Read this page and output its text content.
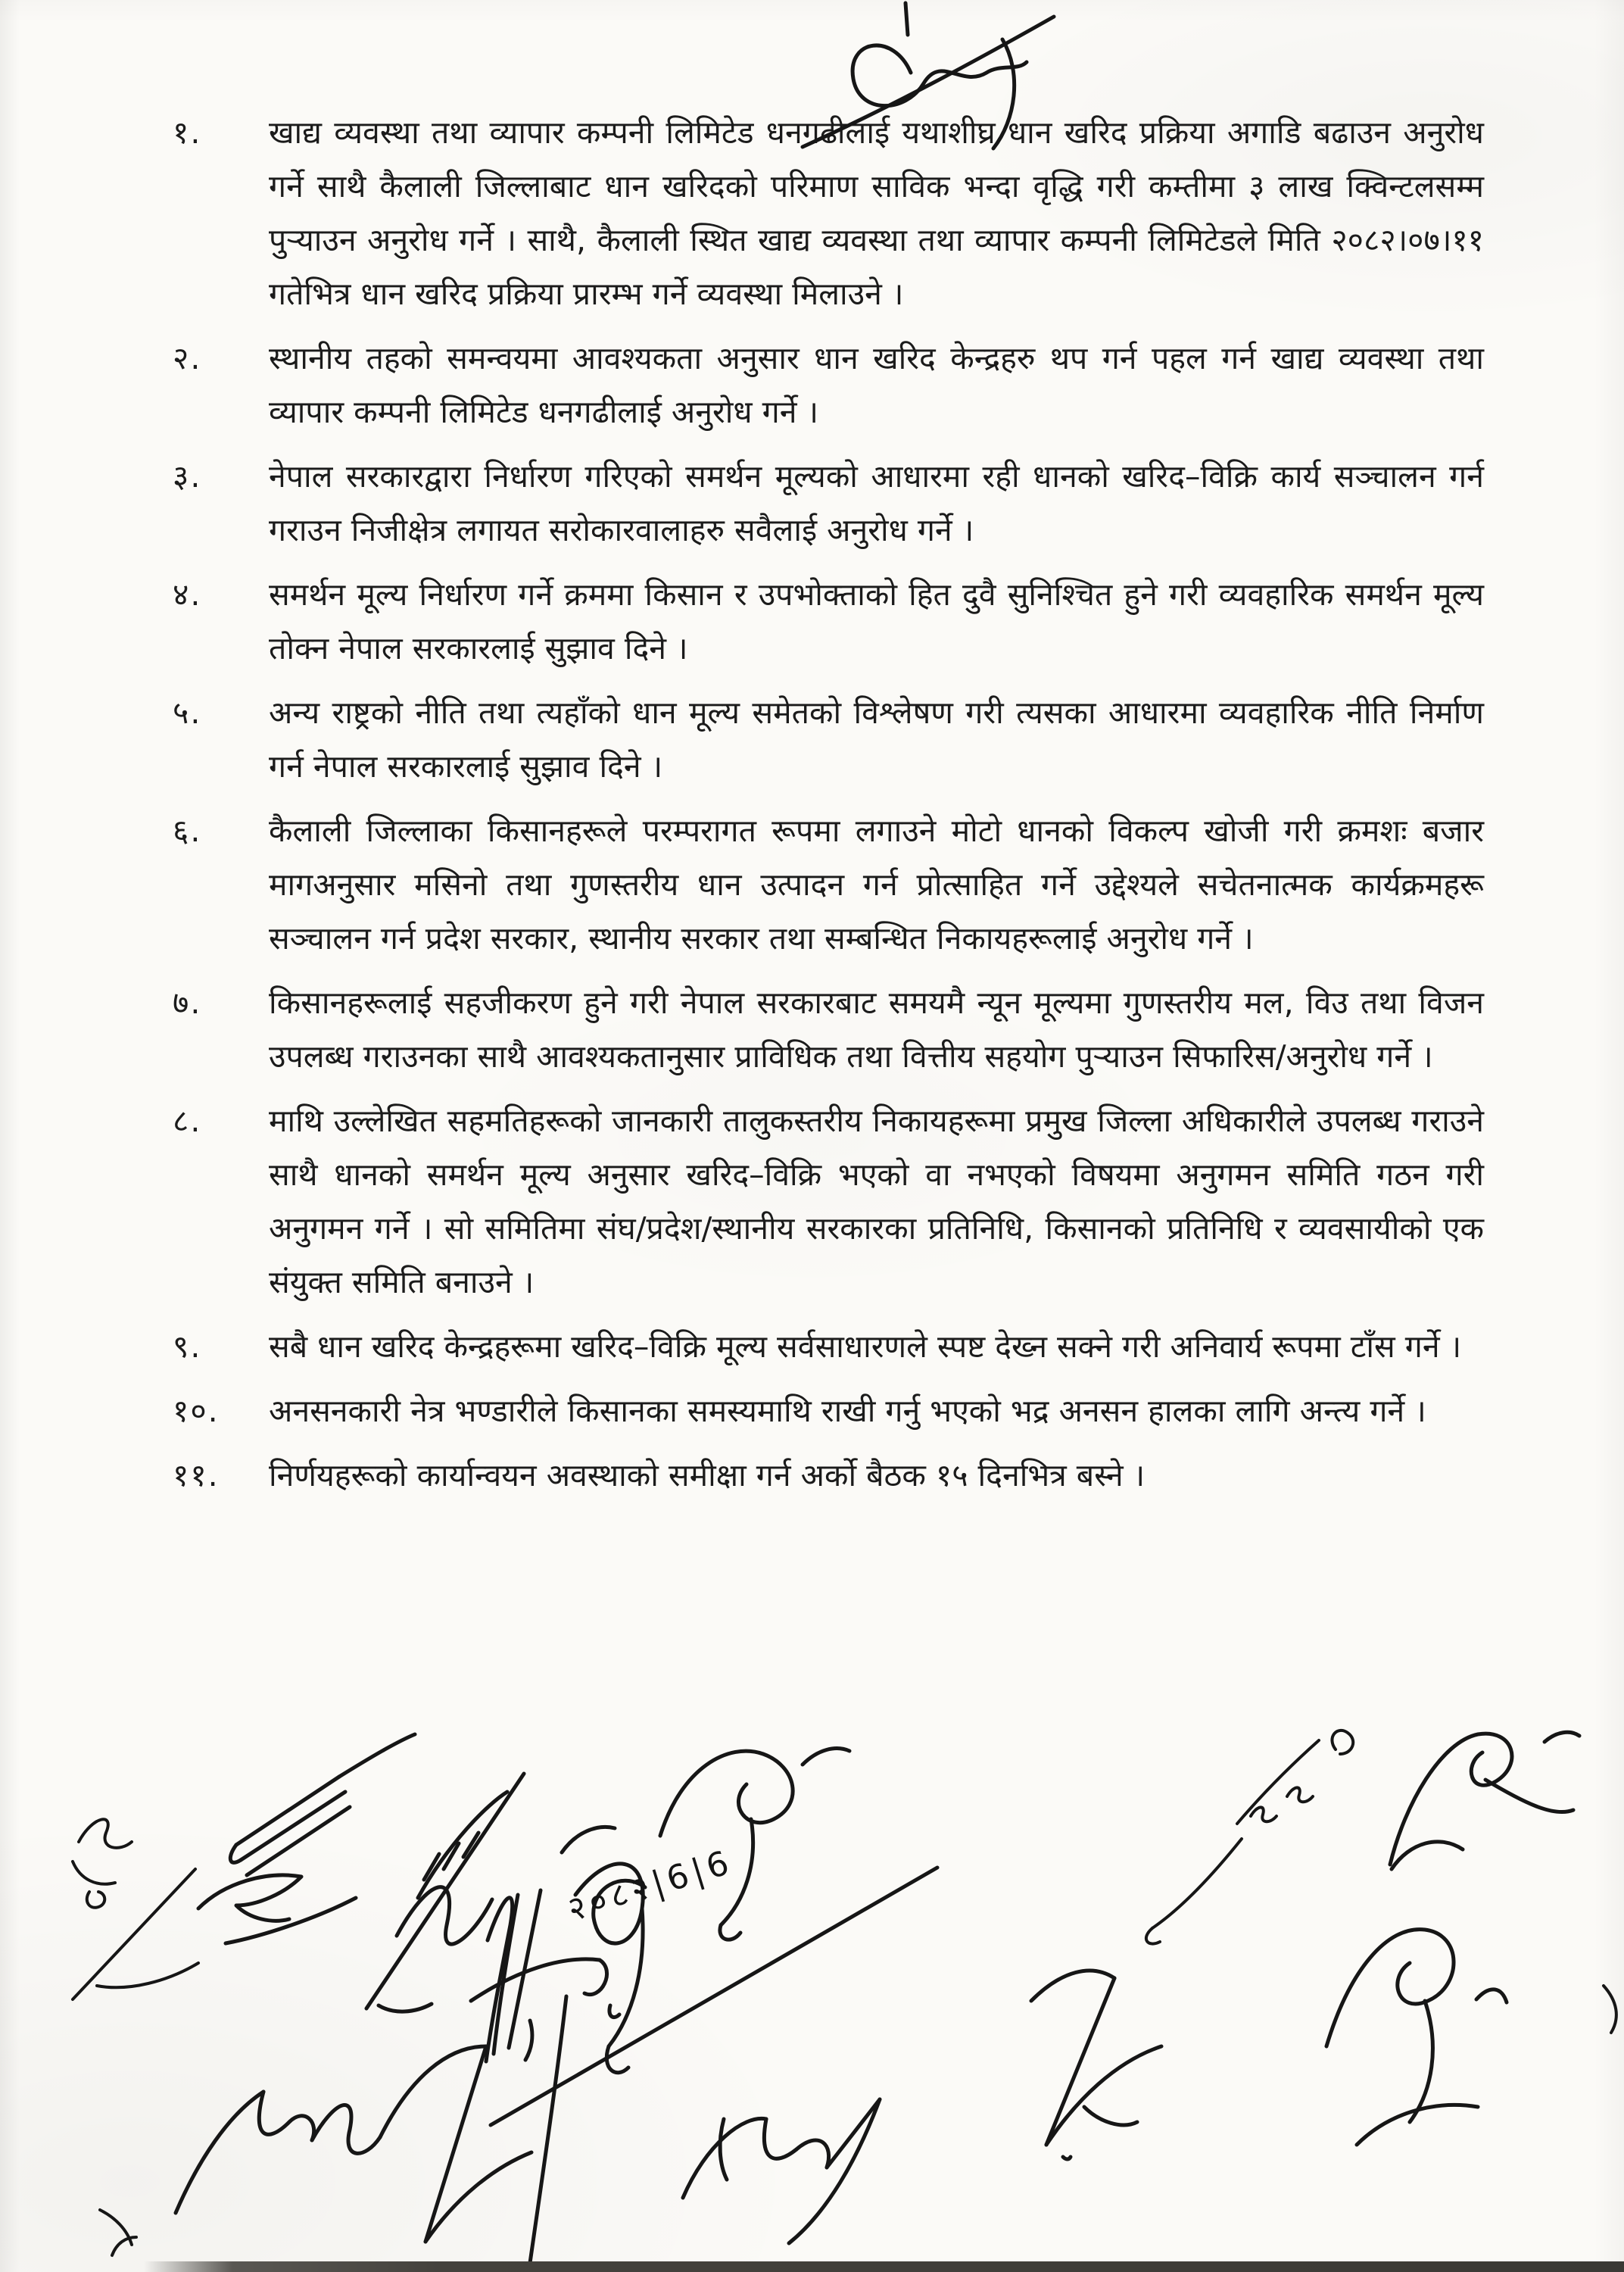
१.	खाद्य व्यवस्था तथा व्यापार कम्पनी लिमिटेड धनगढीलाई यथाशीघ्र धान खरिद प्रक्रिया अगाडि बढाउन अनुरोध गर्ने साथै कैलाली जिल्लाबाट धान खरिदको परिमाण साविक भन्दा वृद्धि गरी कम्तीमा ३ लाख क्विन्टलसम्म पुऱ्याउन अनुरोध गर्ने । साथै, कैलाली स्थित खाद्य व्यवस्था तथा व्यापार कम्पनी लिमिटेडले मिति २०८२।०७।११ गतेभित्र धान खरिद प्रक्रिया प्रारम्भ गर्ने व्यवस्था मिलाउने ।
२.	स्थानीय तहको समन्वयमा आवश्यकता अनुसार धान खरिद केन्द्रहरु थप गर्न पहल गर्न खाद्य व्यवस्था तथा व्यापार कम्पनी लिमिटेड धनगढीलाई अनुरोध गर्ने ।
३.	नेपाल सरकारद्वारा निर्धारण गरिएको समर्थन मूल्यको आधारमा रही धानको खरिद–विक्रि कार्य सञ्चालन गर्न गराउन निजीक्षेत्र लगायत सरोकारवालाहरु सवैलाई अनुरोध गर्ने ।
४.	समर्थन मूल्य निर्धारण गर्ने क्रममा किसान र उपभोक्ताको हित दुवै सुनिश्चित हुने गरी व्यवहारिक समर्थन मूल्य तोक्न नेपाल सरकारलाई सुझाव दिने ।
५.	अन्य राष्ट्रको नीति तथा त्यहाँको धान मूल्य समेतको विश्लेषण गरी त्यसका आधारमा व्यवहारिक नीति निर्माण गर्न नेपाल सरकारलाई सुझाव दिने ।
६.	कैलाली जिल्लाका किसानहरूले परम्परागत रूपमा लगाउने मोटो धानको विकल्प खोजी गरी क्रमशः बजार मागअनुसार मसिनो तथा गुणस्तरीय धान उत्पादन गर्न प्रोत्साहित गर्ने उद्देश्यले सचेतनात्मक कार्यक्रमहरू सञ्चालन गर्न प्रदेश सरकार, स्थानीय सरकार तथा सम्बन्धित निकायहरूलाई अनुरोध गर्ने ।
७.	किसानहरूलाई सहजीकरण हुने गरी नेपाल सरकारबाट समयमै न्यून मूल्यमा गुणस्तरीय मल, विउ तथा विजन उपलब्ध गराउनका साथै आवश्यकतानुसार प्राविधिक तथा वित्तीय सहयोग पुऱ्याउन सिफारिस/अनुरोध गर्ने ।
८.	माथि उल्लेखित सहमतिहरूको जानकारी तालुकस्तरीय निकायहरूमा प्रमुख जिल्ला अधिकारीले उपलब्ध गराउने साथै धानको समर्थन मूल्य अनुसार खरिद–विक्रि भएको वा नभएको विषयमा अनुगमन समिति गठन गरी अनुगमन गर्ने । सो समितिमा संघ/प्रदेश/स्थानीय सरकारका प्रतिनिधि, किसानको प्रतिनिधि र व्यवसायीको एक संयुक्त समिति बनाउने ।
९.	सबै धान खरिद केन्द्रहरूमा खरिद–विक्रि मूल्य सर्वसाधारणले स्पष्ट देख्न सक्ने गरी अनिवार्य रूपमा टाँस गर्ने ।
१०.	अनसनकारी नेत्र भण्डारीले किसानका समस्यमाथि राखी गर्नु भएको भद्र अनसन हालका लागि अन्त्य गर्ने ।
११.	निर्णयहरूको कार्यान्वयन अवस्थाको समीक्षा गर्न अर्को बैठक १५ दिनभित्र बस्ने ।
२०८२|6|6
